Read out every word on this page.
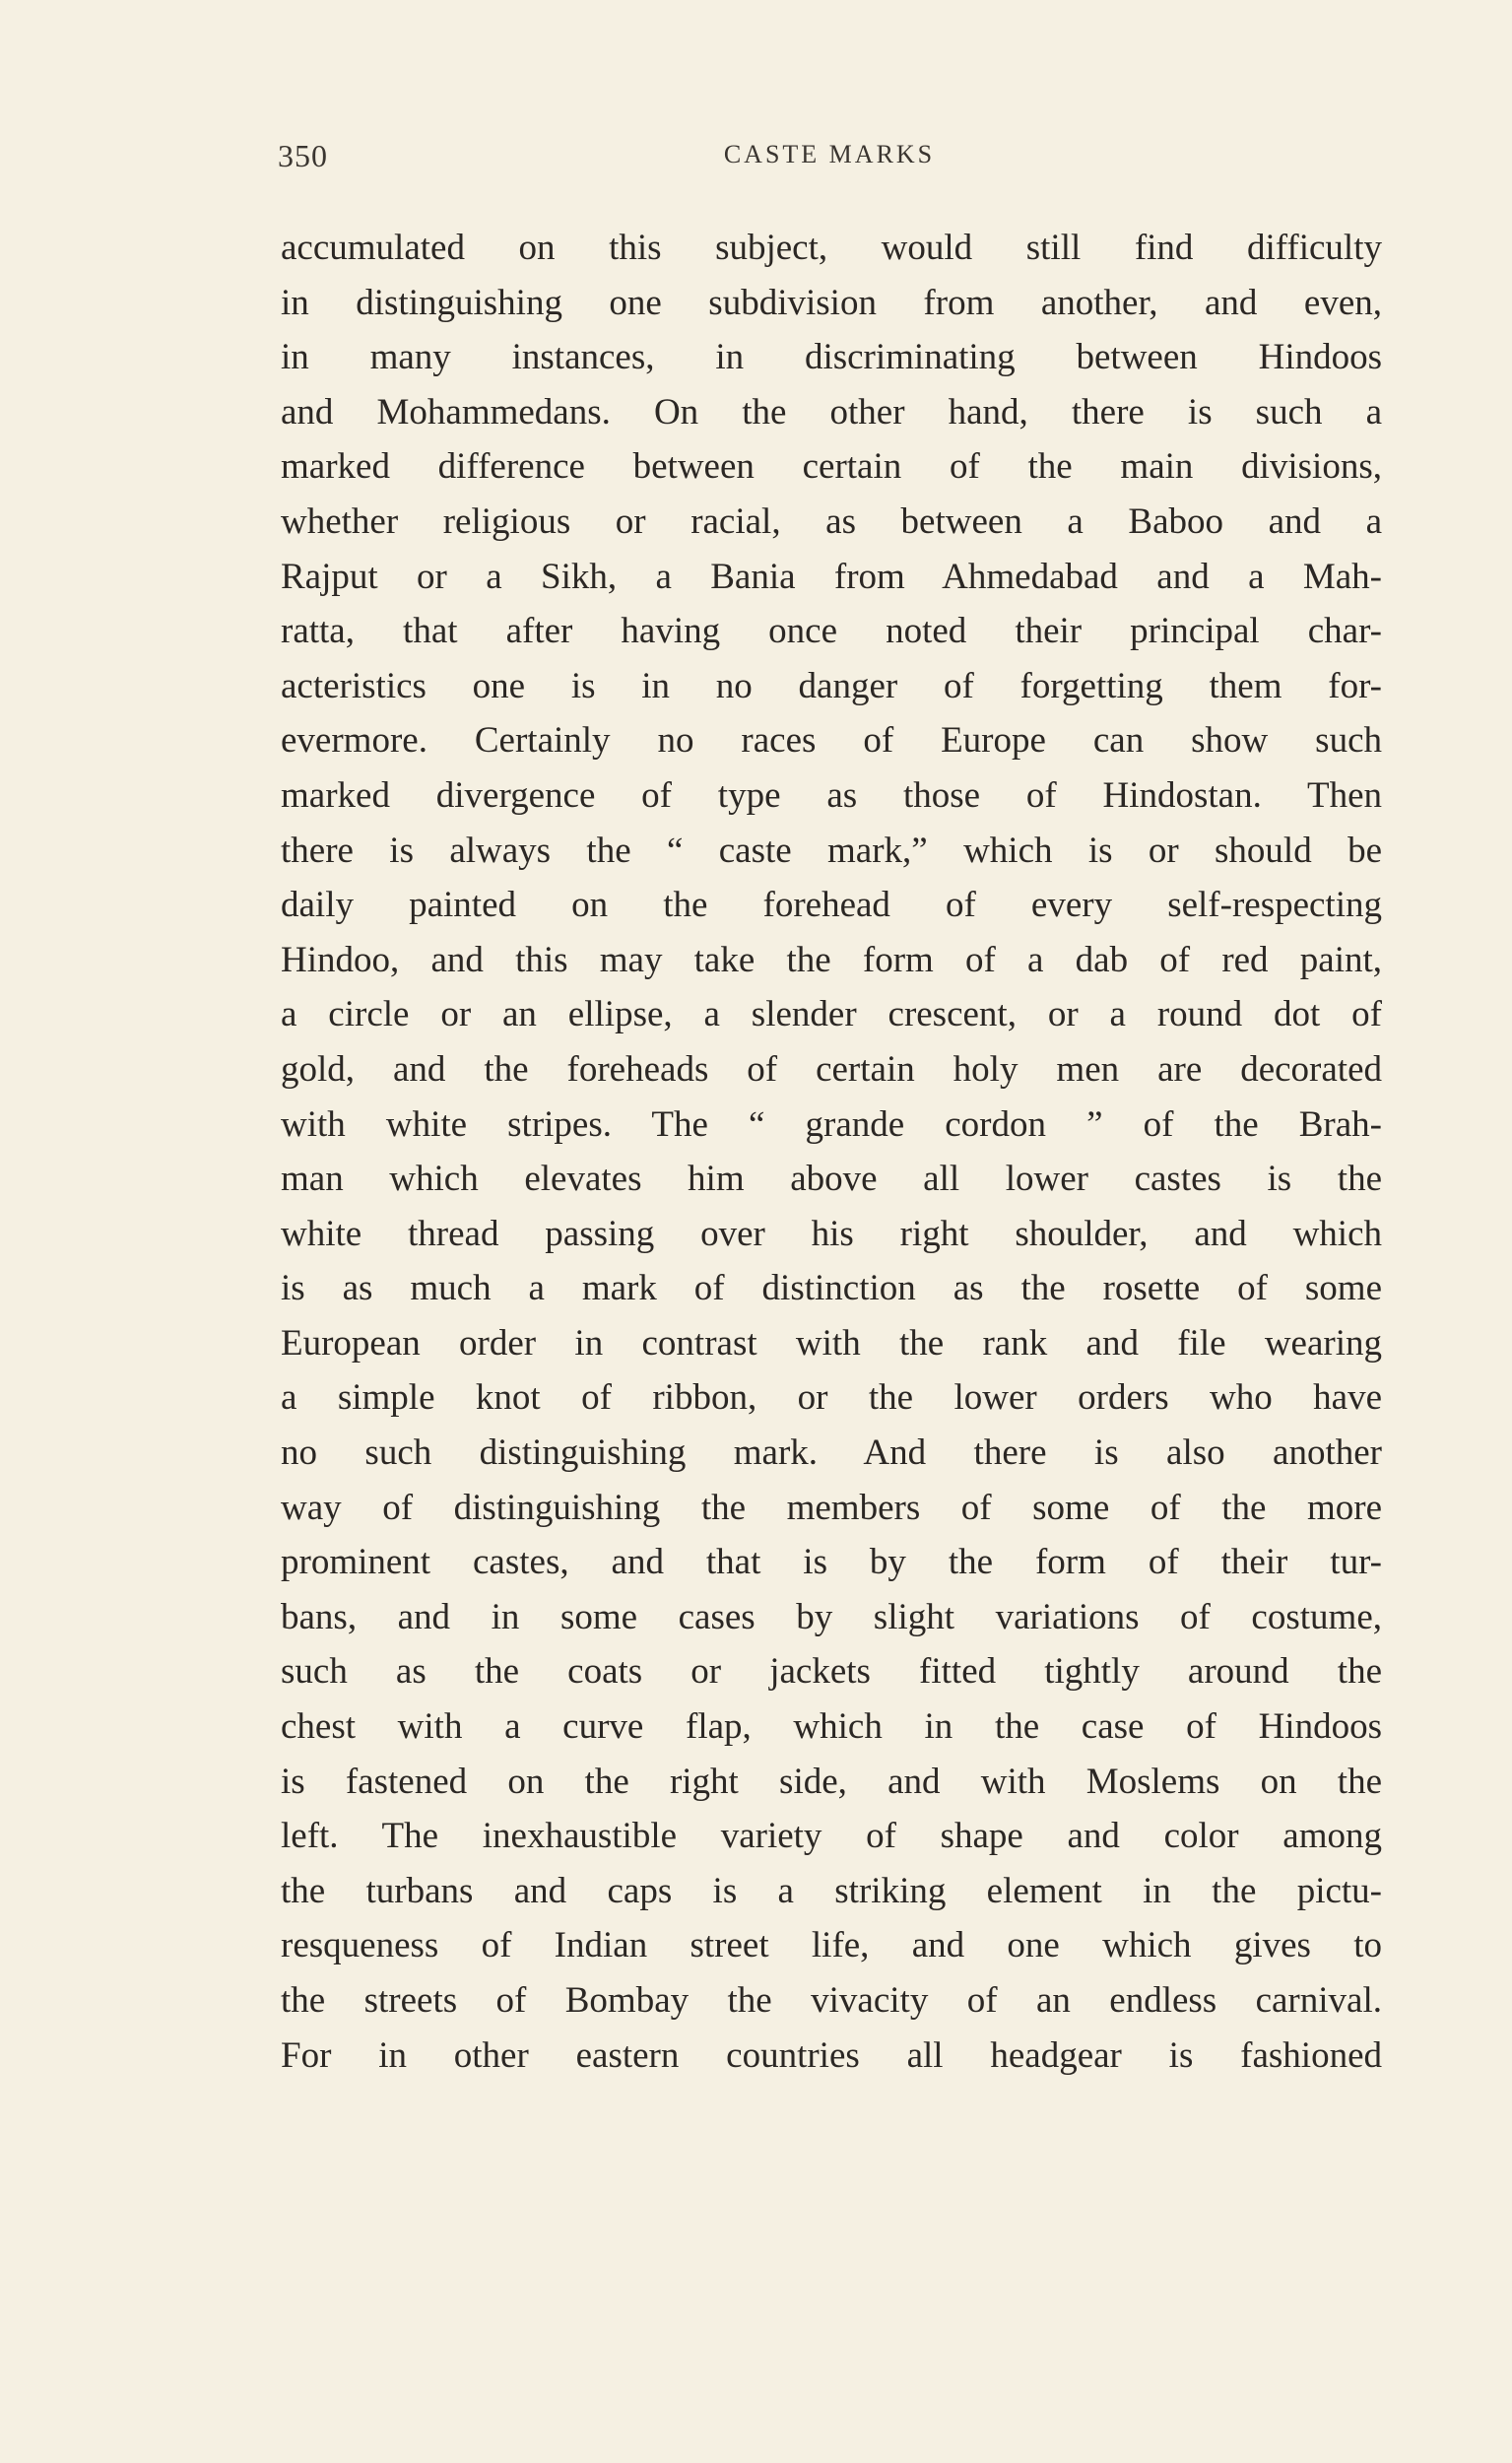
350	CASTE MARKS
accumulated on this subject, would still find difficulty
in distinguishing one subdivision from another, and even,
in many instances, in discriminating between Hindoos
and Mohammedans. On the other hand, there is such a
marked difference between certain of the main divisions,
whether religious or racial, as between a Baboo and a
Rajput or a Sikh, a Bania from Ahmedabad and a Mah-
ratta, that after having once noted their principal char-
acteristics one is in no danger of forgetting them for-
evermore. Certainly no races of Europe can show such
marked divergence of type as those of Hindostan. Then
there is always the “ caste mark,” which is or should be
daily painted on the forehead of every self-respecting
Hindoo, and this may take the form of a dab of red paint,
a circle or an ellipse, a slender crescent, or a round dot of
gold, and the foreheads of certain holy men are decorated
with white stripes. The “ grande cordon ” of the Brah-
man which elevates him above all lower castes is the
white thread passing over his right shoulder, and which
is as much a mark of distinction as the rosette of some
European order in contrast with the rank and file wearing
a simple knot of ribbon, or the lower orders who have
no such distinguishing mark. And there is also another
way of distinguishing the members of some of the more
prominent castes, and that is by the form of their tur-
bans, and in some cases by slight variations of costume,
such as the coats or jackets fitted tightly around the
chest with a curve flap, which in the case of Hindoos
is fastened on the right side, and with Moslems on the
left. The inexhaustible variety of shape and color among
the turbans and caps is a striking element in the pictu-
resqueness of Indian street life, and one which gives to
the streets of Bombay the vivacity of an endless carnival.
For in other eastern countries all headgear is fashioned
